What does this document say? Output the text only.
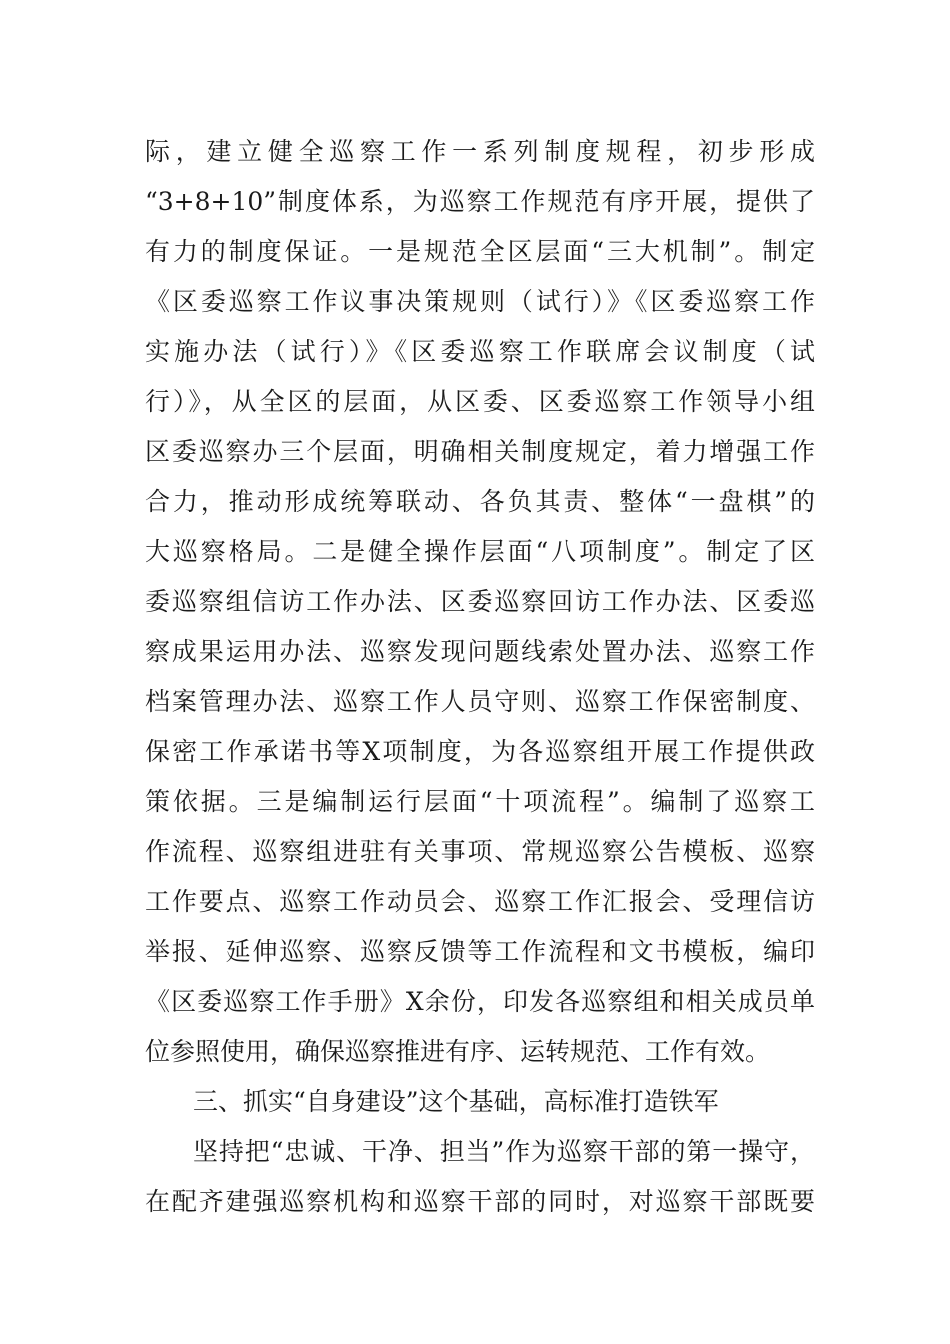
际，建立健全巡察工作一系列制度规程，初步形成
“3+8+10”制度体系，为巡察工作规范有序开展，提供了
有力的制度保证。一是规范全区层面“三大机制”。制定
《区委巡察工作议事决策规则（试行）》《区委巡察工作
实施办法（试行）》《区委巡察工作联席会议制度（试
行）》，从全区的层面，从区委、区委巡察工作领导小组
区委巡察办三个层面，明确相关制度规定，着力增强工作
合力，推动形成统筹联动、各负其责、整体“一盘棋”的
大巡察格局。二是健全操作层面“八项制度”。制定了区
委巡察组信访工作办法、区委巡察回访工作办法、区委巡
察成果运用办法、巡察发现问题线索处置办法、巡察工作
档案管理办法、巡察工作人员守则、巡察工作保密制度、
保密工作承诺书等X项制度，为各巡察组开展工作提供政
策依据。三是编制运行层面“十项流程”。编制了巡察工
作流程、巡察组进驻有关事项、常规巡察公告模板、巡察
工作要点、巡察工作动员会、巡察工作汇报会、受理信访
举报、延伸巡察、巡察反馈等工作流程和文书模板，编印
《区委巡察工作手册》X余份，印发各巡察组和相关成员单
位参照使用，确保巡察推进有序、运转规范、工作有效。
三、抓实“自身建设”这个基础，高标准打造铁军
坚持把“忠诚、干净、担当”作为巡察干部的第一操守，
在配齐建强巡察机构和巡察干部的同时，对巡察干部既要
